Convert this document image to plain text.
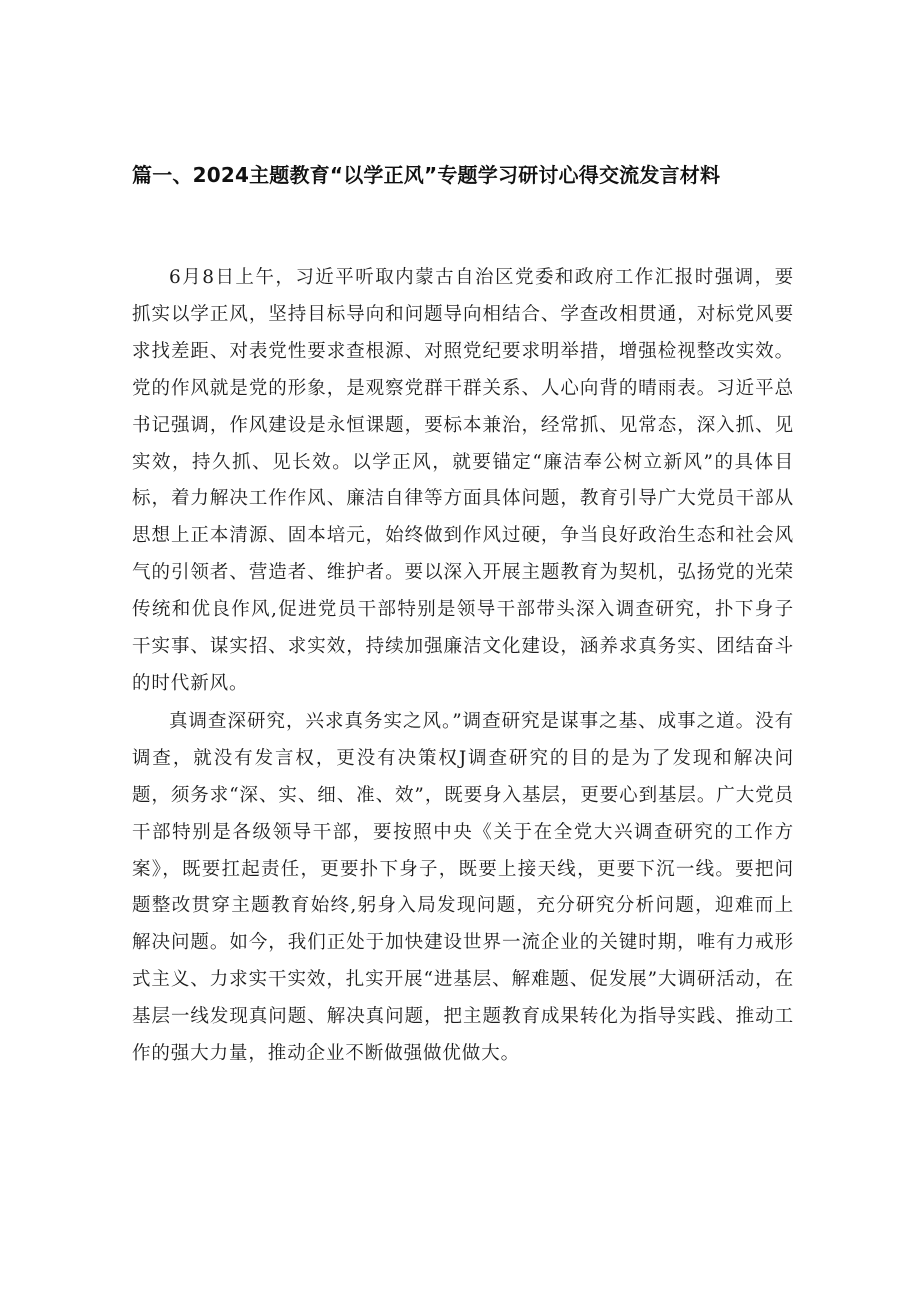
篇一、2024主题教育“以学正风”专题学习研讨心得交流发言材料

6月8日上午，习近平听取内蒙古自治区党委和政府工作汇报时强调，要抓实以学正风，坚持目标导向和问题导向相结合、学查改相贯通，对标党风要求找差距、对表党性要求查根源、对照党纪要求明举措，增强检视整改实效。党的作风就是党的形象，是观察党群干群关系、人心向背的晴雨表。习近平总书记强调，作风建设是永恒课题，要标本兼治，经常抓、见常态，深入抓、见实效，持久抓、见长效。以学正风，就要锚定“廉洁奉公树立新风”的具体目标，着力解决工作作风、廉洁自律等方面具体问题，教育引导广大党员干部从思想上正本清源、固本培元，始终做到作风过硬，争当良好政治生态和社会风气的引领者、营造者、维护者。要以深入开展主题教育为契机，弘扬党的光荣传统和优良作风,促进党员干部特别是领导干部带头深入调查研究，扑下身子干实事、谋实招、求实效，持续加强廉洁文化建设，涵养求真务实、团结奋斗的时代新风。

真调查深研究，兴求真务实之风。”调查研究是谋事之基、成事之道。没有调查，就没有发言权，更没有决策权J调查研究的目的是为了发现和解决问题，须务求“深、实、细、准、效”，既要身入基层，更要心到基层。广大党员干部特别是各级领导干部，要按照中央《关于在全党大兴调查研究的工作方案》，既要扛起责任，更要扑下身子，既要上接天线，更要下沉一线。要把问题整改贯穿主题教育始终,躬身入局发现问题，充分研究分析问题，迎难而上解决问题。如今，我们正处于加快建设世界一流企业的关键时期，唯有力戒形式主义、力求实干实效，扎实开展“进基层、解难题、促发展”大调研活动，在基层一线发现真问题、解决真问题，把主题教育成果转化为指导实践、推动工作的强大力量，推动企业不断做强做优做大。
